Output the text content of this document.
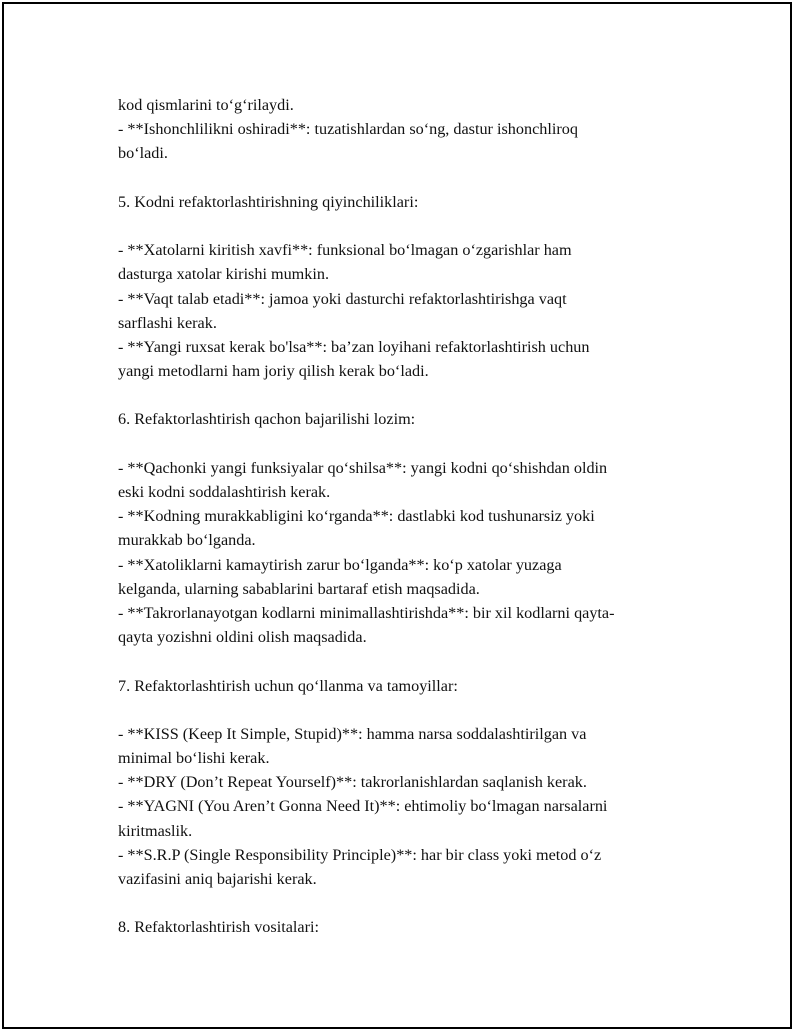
kod qismlarini to‘g‘rilaydi.
- **Ishonchlilikni oshiradi**: tuzatishlardan so‘ng, dastur ishonchliroq
bo‘ladi.
5. Kodni refaktorlashtirishning qiyinchiliklari:
- **Xatolarni kiritish xavfi**: funksional bo‘lmagan o‘zgarishlar ham
dasturga xatolar kirishi mumkin.
- **Vaqt talab etadi**: jamoa yoki dasturchi refaktorlashtirishga vaqt
sarflashi kerak.
- **Yangi ruxsat kerak bo'lsa**: ba’zan loyihani refaktorlashtirish uchun
yangi metodlarni ham joriy qilish kerak bo‘ladi.
6. Refaktorlashtirish qachon bajarilishi lozim:
- **Qachonki yangi funksiyalar qo‘shilsa**: yangi kodni qo‘shishdan oldin
eski kodni soddalashtirish kerak.
- **Kodning murakkabligini ko‘rganda**: dastlabki kod tushunarsiz yoki
murakkab bo‘lganda.
- **Xatoliklarni kamaytirish zarur bo‘lganda**: ko‘p xatolar yuzaga
kelganda, ularning sabablarini bartaraf etish maqsadida.
- **Takrorlanayotgan kodlarni minimallashtirishda**: bir xil kodlarni qayta-
qayta yozishni oldini olish maqsadida.
7. Refaktorlashtirish uchun qo‘llanma va tamoyillar:
- **KISS (Keep It Simple, Stupid)**: hamma narsa soddalashtirilgan va
minimal bo‘lishi kerak.
- **DRY (Don’t Repeat Yourself)**: takrorlanishlardan saqlanish kerak.
- **YAGNI (You Aren’t Gonna Need It)**: ehtimoliy bo‘lmagan narsalarni
kiritmaslik.
- **S.R.P (Single Responsibility Principle)**: har bir class yoki metod o‘z
vazifasini aniq bajarishi kerak.
8. Refaktorlashtirish vositalari:
